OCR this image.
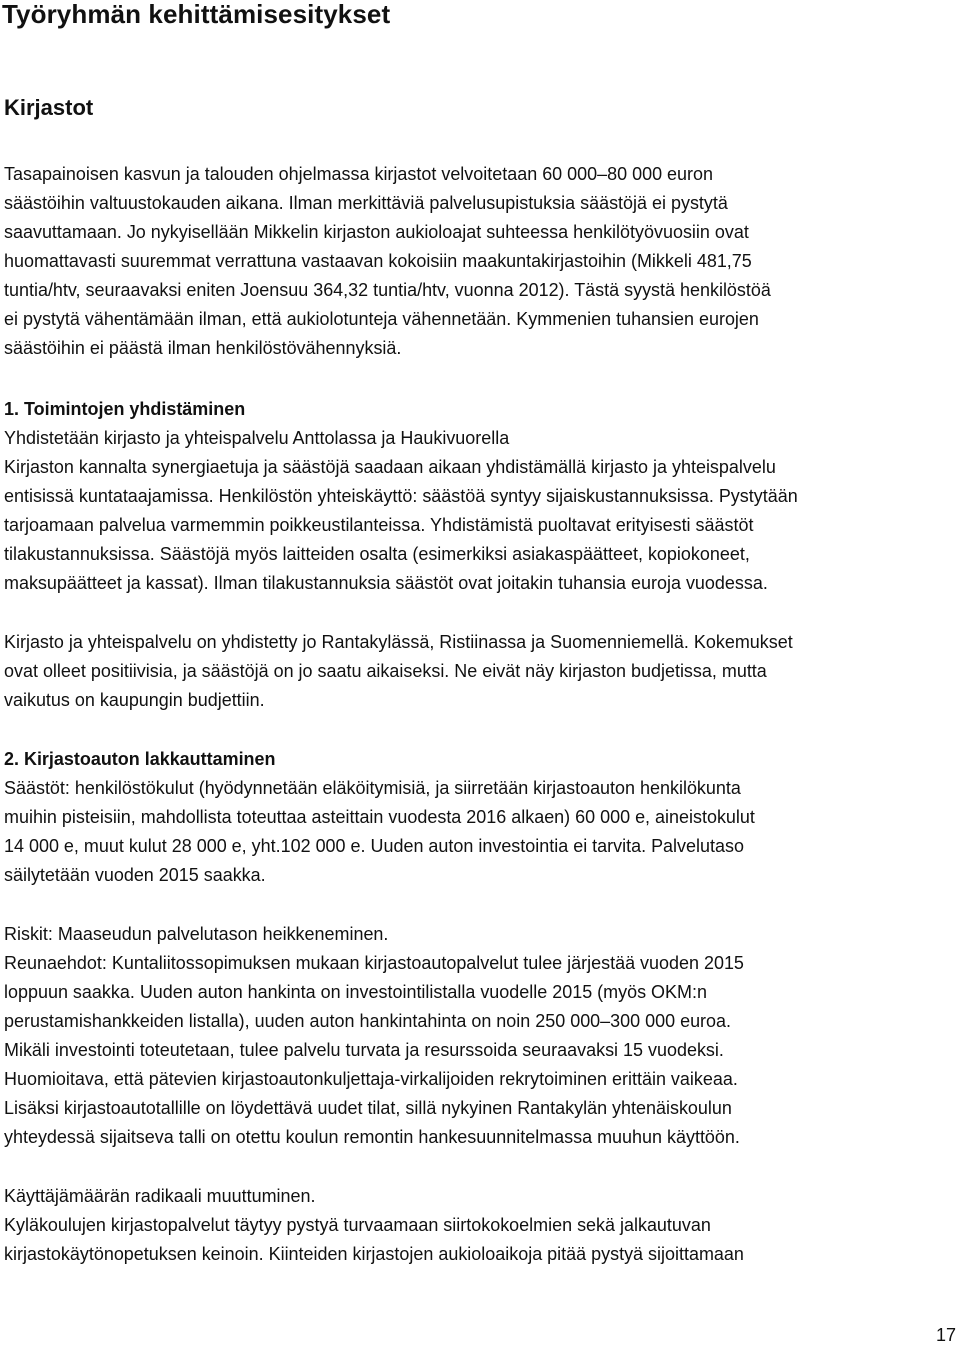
Työryhmän kehittämisesitykset
Kirjastot
Tasapainoisen kasvun ja talouden ohjelmassa kirjastot velvoitetaan 60 000–80 000 euron
säästöihin valtuustokauden aikana. Ilman merkittäviä palvelusupistuksia säästöjä ei pystytä
saavuttamaan. Jo nykyisellään Mikkelin kirjaston aukioloajat suhteessa henkilötyövuosiin ovat
huomattavasti suuremmat verrattuna vastaavan kokoisiin maakuntakirjastoihin (Mikkeli 481,75
tuntia/htv, seuraavaksi eniten Joensuu 364,32 tuntia/htv, vuonna 2012). Tästä syystä henkilöstöä
ei pystytä vähentämään ilman, että aukiolotunteja vähennetään. Kymmenien tuhansien eurojen
säästöihin ei päästä ilman henkilöstövähennyksiä.
1. Toimintojen yhdistäminen
Yhdistetään kirjasto ja yhteispalvelu Anttolassa ja Haukivuorella
Kirjaston kannalta synergiaetuja ja säästöjä saadaan aikaan yhdistämällä kirjasto ja yhteispalvelu
entisissä kuntataajamissa. Henkilöstön yhteiskäyttö: säästöä syntyy sijaiskustannuksissa. Pystytään
tarjoamaan palvelua varmemmin poikkeustilanteissa. Yhdistämistä puoltavat erityisesti säästöt
tilakustannuksissa. Säästöjä myös laitteiden osalta (esimerkiksi asiakaspäätteet, kopiokoneet,
maksupäätteet ja kassat). Ilman tilakustannuksia säästöt ovat joitakin tuhansia euroja vuodessa.
Kirjasto ja yhteispalvelu on yhdistetty jo Rantakylässä, Ristiinassa ja Suomenniemellä. Kokemukset
ovat olleet positiivisia, ja säästöjä on jo saatu aikaiseksi. Ne eivät näy kirjaston budjetissa, mutta
vaikutus on kaupungin budjettiin.
2. Kirjastoauton lakkauttaminen
Säästöt: henkilöstökulut (hyödynnetään eläköitymisiä, ja siirretään kirjastoauton henkilökunta
muihin pisteisiin, mahdollista toteuttaa asteittain vuodesta 2016 alkaen) 60 000 e, aineistokulut
14 000 e, muut kulut 28 000 e, yht.102 000 e. Uuden auton investointia ei tarvita. Palvelutaso
säilytetään vuoden 2015 saakka.
Riskit: Maaseudun palvelutason heikkeneminen.
Reunaehdot: Kuntaliitossopimuksen mukaan kirjastoautopalvelut tulee järjestää vuoden 2015
loppuun saakka. Uuden auton hankinta on investointilistalla vuodelle 2015 (myös OKM:n
perustamishankkeiden listalla), uuden auton hankintahinta on noin 250 000–300 000 euroa.
Mikäli investointi toteutetaan, tulee palvelu turvata ja resurssoida seuraavaksi 15 vuodeksi.
Huomioitava, että pätevien kirjastoautonkuljettaja-virkalijoiden rekrytoiminen erittäin vaikeaa.
Lisäksi kirjastoautotallille on löydettävä uudet tilat, sillä nykyinen Rantakylän yhtenäiskoulun
yhteydessä sijaitseva talli on otettu koulun remontin hankesuunnitelmassa muuhun käyttöön.
Käyttäjämäärän radikaali muuttuminen.
Kyläkoulujen kirjastopalvelut täytyy pystyä turvaamaan siirtokokoelmien sekä jalkautuvan
kirjastokäytönopetuksen keinoin. Kiinteiden kirjastojen aukioloaikoja pitää pystyä sijoittamaan
17
